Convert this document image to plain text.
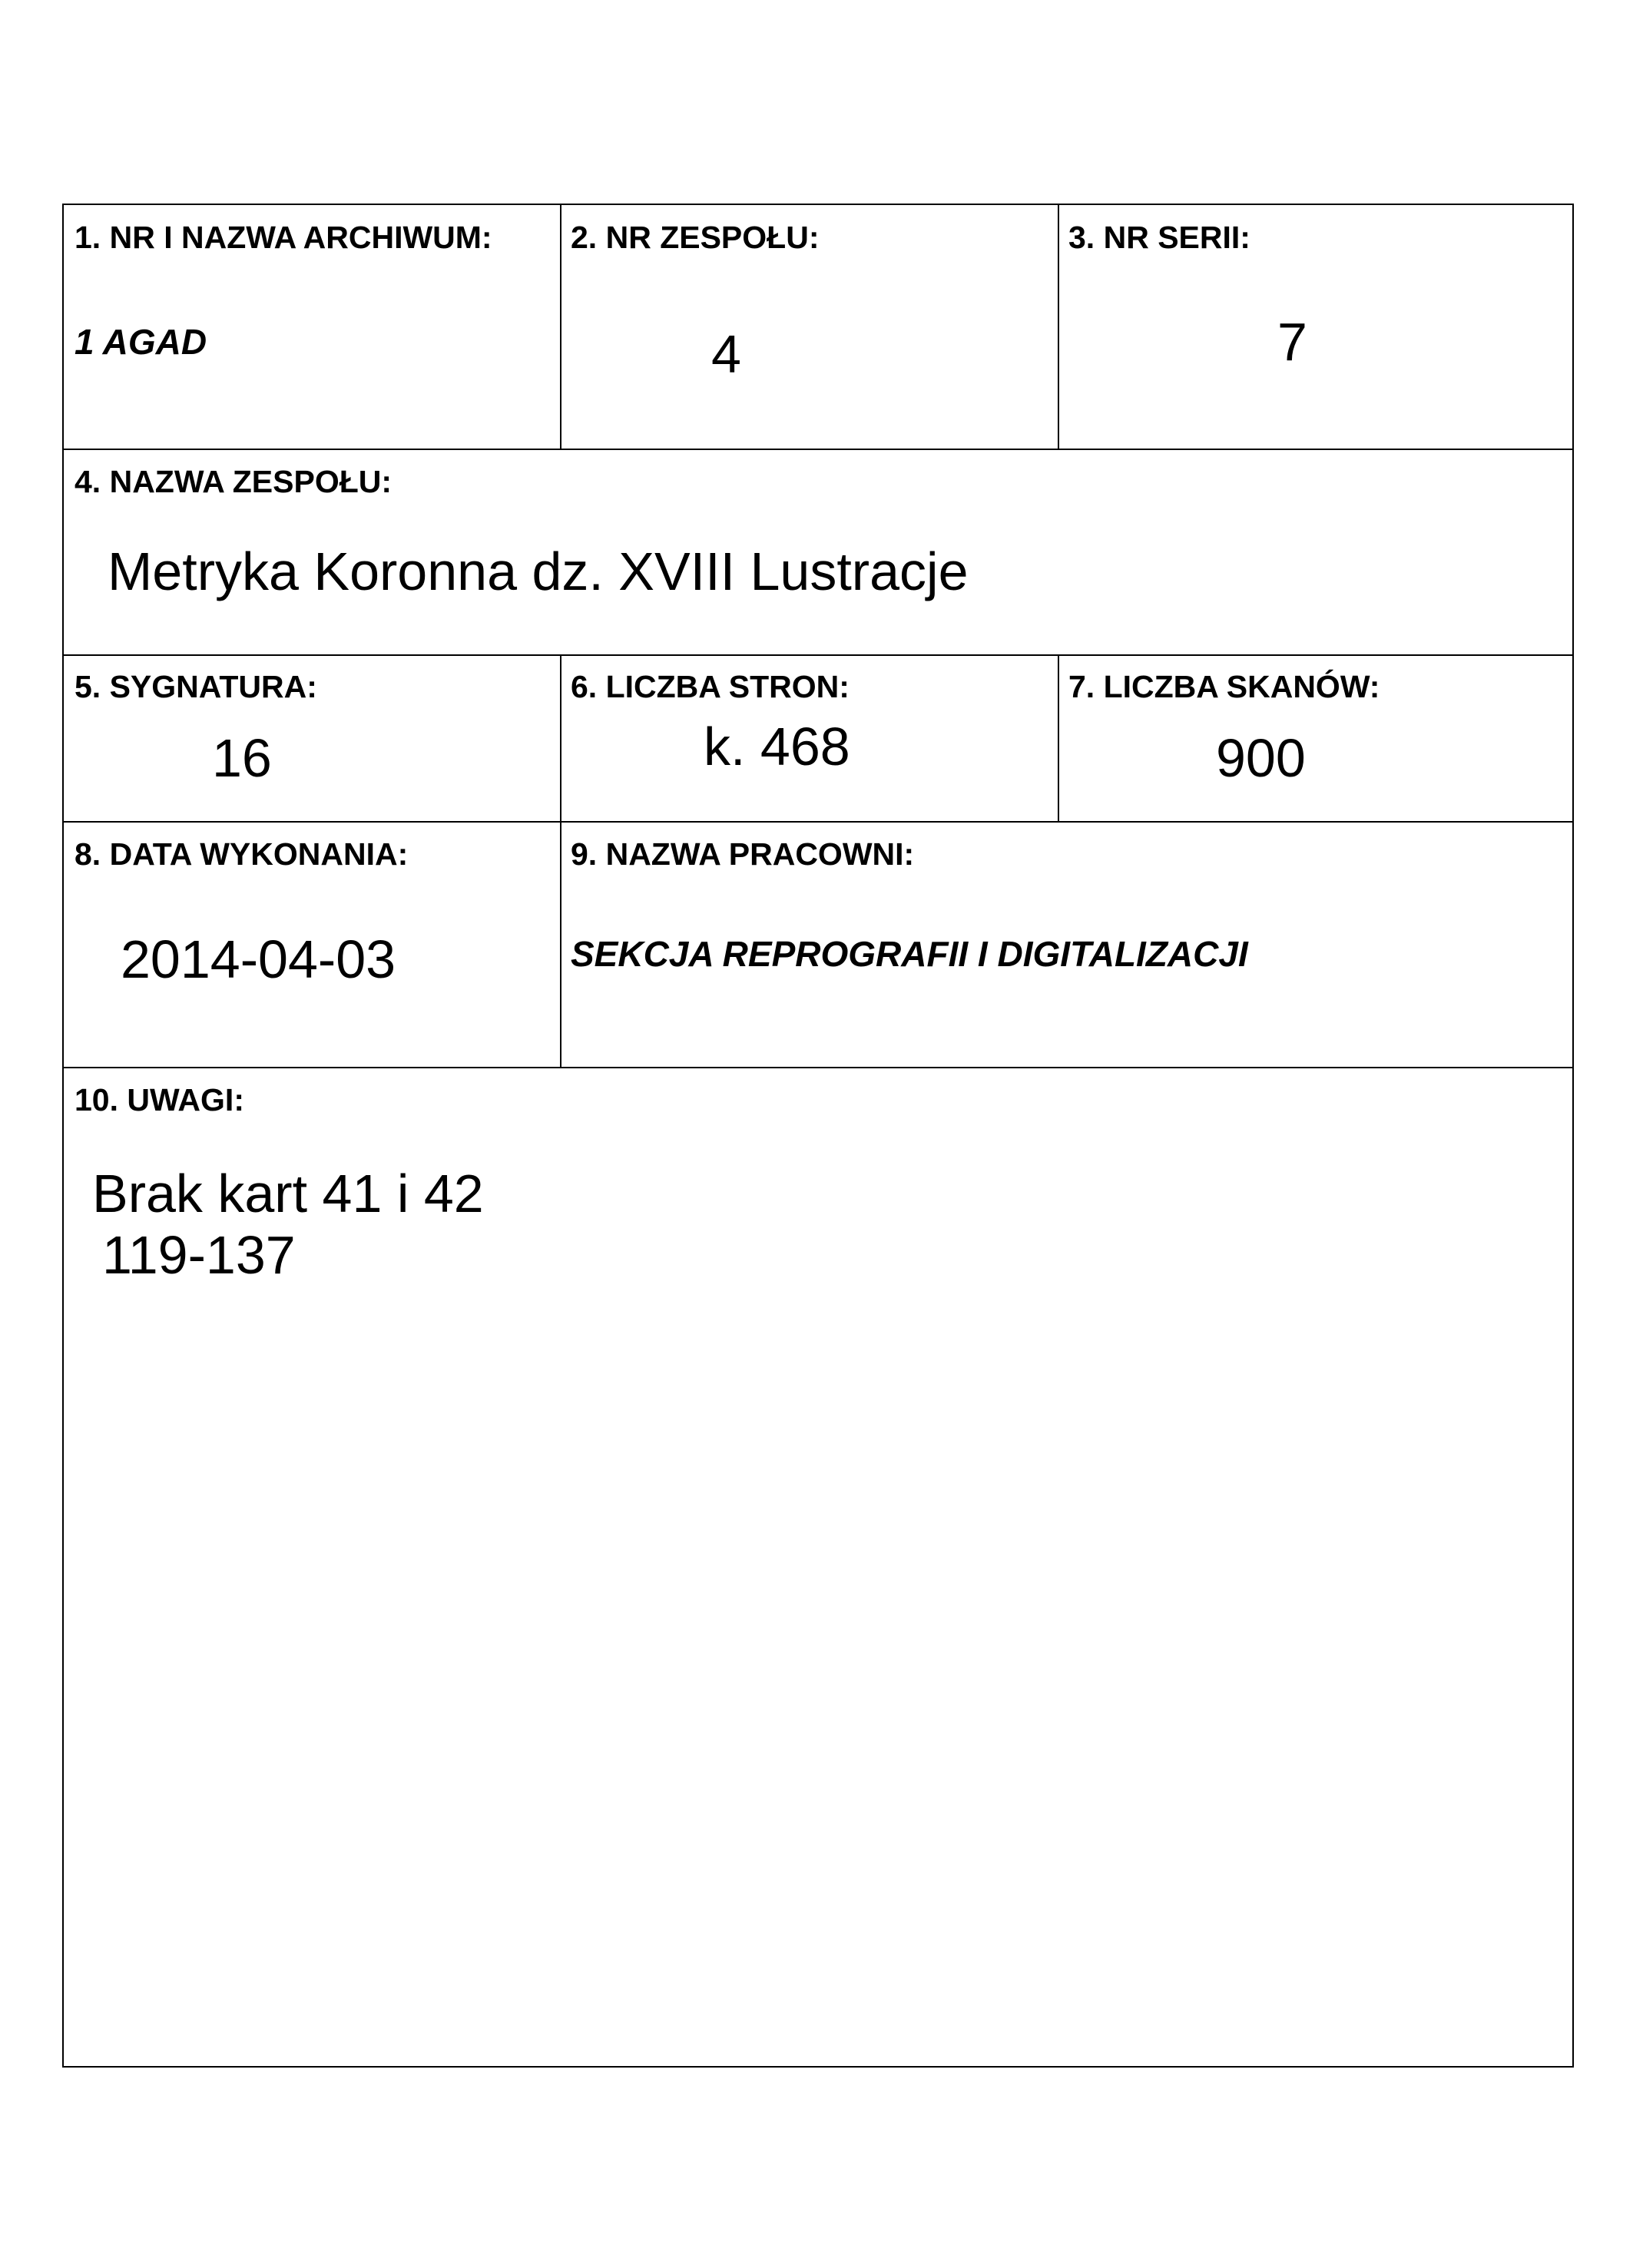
1. NR I NAZWA ARCHIWUM:
1 AGAD
2. NR ZESPOŁU:
4
3. NR SERII:
7
4. NAZWA ZESPOŁU:
Metryka Koronna dz. XVIII Lustracje
5. SYGNATURA:
16
6. LICZBA STRON:
k. 468
7. LICZBA SKANÓW:
900
8. DATA WYKONANIA:
2014-04-03
9. NAZWA PRACOWNI:
SEKCJA REPROGRAFII I DIGITALIZACJI
10. UWAGI:
Brak kart 41 i 42
119-137
